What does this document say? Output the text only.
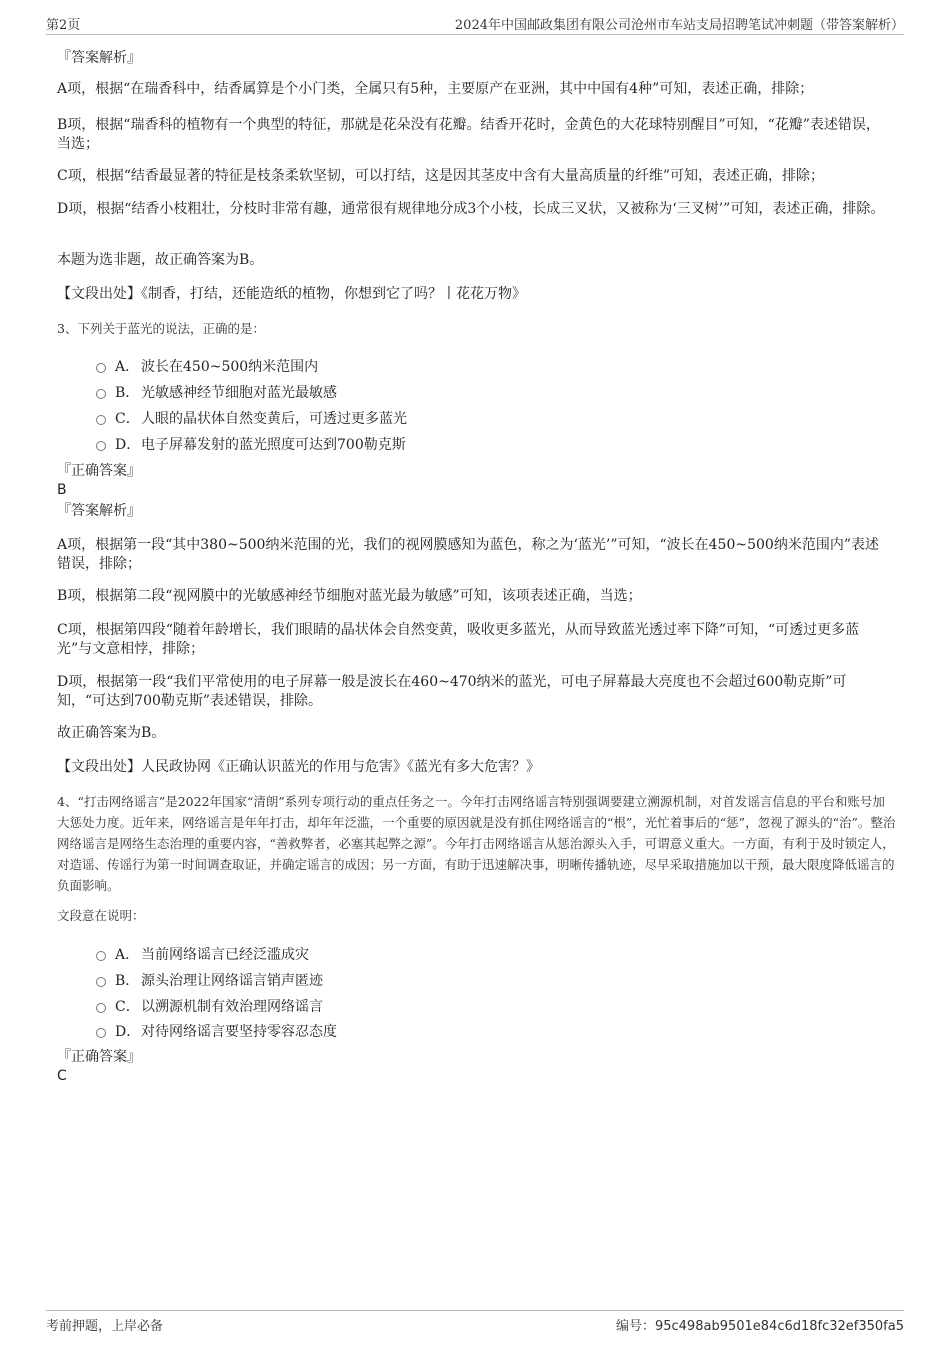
第2页	2024年中国邮政集团有限公司沧州市车站支局招聘笔试冲刺题（带答案解析）
『答案解析』
A项，根据“在瑞香科中，结香属算是个小门类，全属只有5种，主要原产在亚洲，其中中国有4种”可知，表述正确，排除；
B项，根据“瑞香科的植物有一个典型的特征，那就是花朵没有花瓣。结香开花时，金黄色的大花球特别醒目”可知，“花瓣”表述错误，当选；
C项，根据“结香最显著的特征是枝条柔软坚韧，可以打结，这是因其茎皮中含有大量高质量的纤维”可知，表述正确，排除；
D项，根据“结香小枝粗壮，分枝时非常有趣，通常很有规律地分成3个小枝，长成三叉状，又被称为‘三叉树’”可知，表述正确，排除。
本题为选非题，故正确答案为B。
【文段出处】《制香，打结，还能造纸的植物，你想到它了吗？丨花花万物》
3、下列关于蓝光的说法，正确的是：
A． 波长在450~500纳米范围内
B． 光敏感神经节细胞对蓝光最敏感
C．人眼的晶状体自然变黄后，可透过更多蓝光
D．电子屏幕发射的蓝光照度可达到700勒克斯
『正确答案』
B
『答案解析』
A项，根据第一段“其中380~500纳米范围的光，我们的视网膜感知为蓝色，称之为‘蓝光’”可知，“波长在450~500纳米范围内”表述错误，排除；
B项，根据第二段“视网膜中的光敏感神经节细胞对蓝光最为敏感”可知，该项表述正确，当选；
C项，根据第四段“随着年龄增长，我们眼睛的晶状体会自然变黄，吸收更多蓝光，从而导致蓝光透过率下降”可知，“可透过更多蓝光”与文意相悖，排除；
D项，根据第一段“我们平常使用的电子屏幕一般是波长在460~470纳米的蓝光，可电子屏幕最大亮度也不会超过600勒克斯”可知，“可达到700勒克斯”表述错误，排除。
故正确答案为B。
【文段出处】人民政协网《正确认识蓝光的作用与危害》《蓝光有多大危害？》
4、“打击网络谣言”是2022年国家“清朗”系列专项行动的重点任务之一。今年打击网络谣言特别强调要建立溯源机制，对首发谣言信息的平台和账号加大惩处力度。近年来，网络谣言是年年打击，却年年泛滥，一个重要的原因就是没有抓住网络谣言的“根”，光忙着事后的“惩”，忽视了源头的“治”。整治网络谣言是网络生态治理的重要内容，“善救弊者，必塞其起弊之源”。今年打击网络谣言从惩治源头入手，可谓意义重大。一方面，有利于及时锁定人，对造谣、传谣行为第一时间调查取证，并确定谣言的成因；另一方面，有助于迅速解决事，明晰传播轨迹，尽早采取措施加以干预，最大限度降低谣言的负面影响。
文段意在说明：
A． 当前网络谣言已经泛滥成灾
B． 源头治理让网络谣言销声匿迹
C．以溯源机制有效治理网络谣言
D．对待网络谣言要坚持零容忍态度
『正确答案』
C
考前押题，上岸必备	编号：95c498ab9501e84c6d18fc32ef350fa5
